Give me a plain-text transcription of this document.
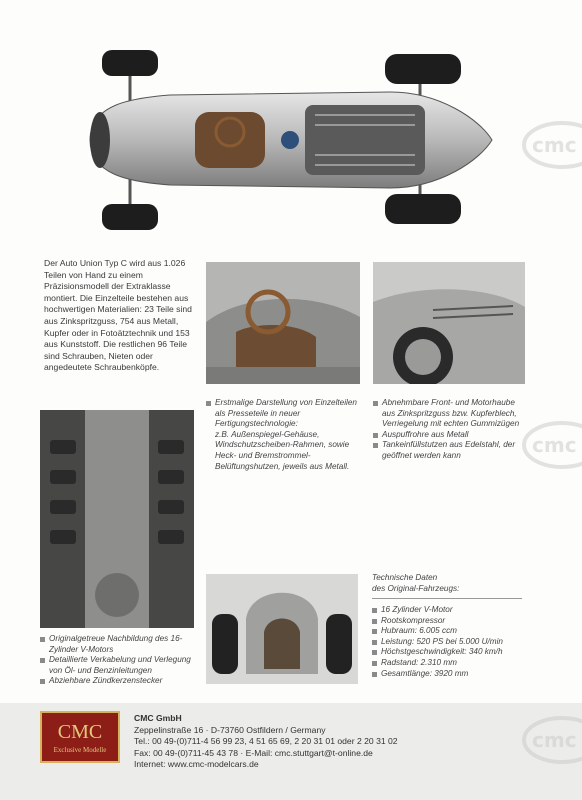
cmc
Der Auto Union Typ C wird aus 1.026 Teilen von Hand zu einem Präzisionsmodell der Extraklasse montiert. Die Einzelteile bestehen aus hochwertigen Materialien: 23 Teile sind aus Zinkspritzguss, 754 aus Metall, Kupfer oder in Fotoätztechnik und 153 aus Kunststoff. Die restlichen 96 Teile sind Schrauben, Nieten oder angedeutete Schraubenköpfe.
Erstmalige Darstellung von Einzelteilen als Presseteile in neuer Fertigungstechnologie:
z.B. Außenspiegel-Gehäuse, Windschutzscheiben-Rahmen, sowie Heck- und Bremstrommel-Belüftungshutzen, jeweils aus Metall.
Abnehmbare Front- und Motorhaube aus Zinkspritzguss bzw. Kupferblech, Verriegelung mit echten Gummizügen
Auspuffrohre aus Metall
Tankeinfüllstutzen aus Edelstahl, der geöffnet werden kann	cmc
Originalgetreue Nachbildung des 16-Zylinder V-Motors
Detaillierte Verkabelung und Verlegung von Öl- und Benzinleitungen
Abziehbare Zündkerzenstecker
Technische Daten
des Original-Fahrzeugs:
16 Zylinder V-Motor
Rootskompressor
Hubraum: 6.005 ccm
Leistung: 520 PS bei 5.000 U/min
Höchstgeschwindigkeit: 340 km/h
Radstand: 2.310 mm
Gesamtlänge: 3920 mm
CMC
Exclusive Modelle
CMC GmbH
Zeppelinstraße 16 · D-73760 Ostfildern / Germany
Tel.: 00 49-(0)711-4 56 99 23, 4 51 65 69, 2 20 31 01 oder 2 20 31 02
Fax: 00 49-(0)711-45 43 78 · E-Mail: cmc.stuttgart@t-online.de
Internet: www.cmc-modelcars.de
cmc
